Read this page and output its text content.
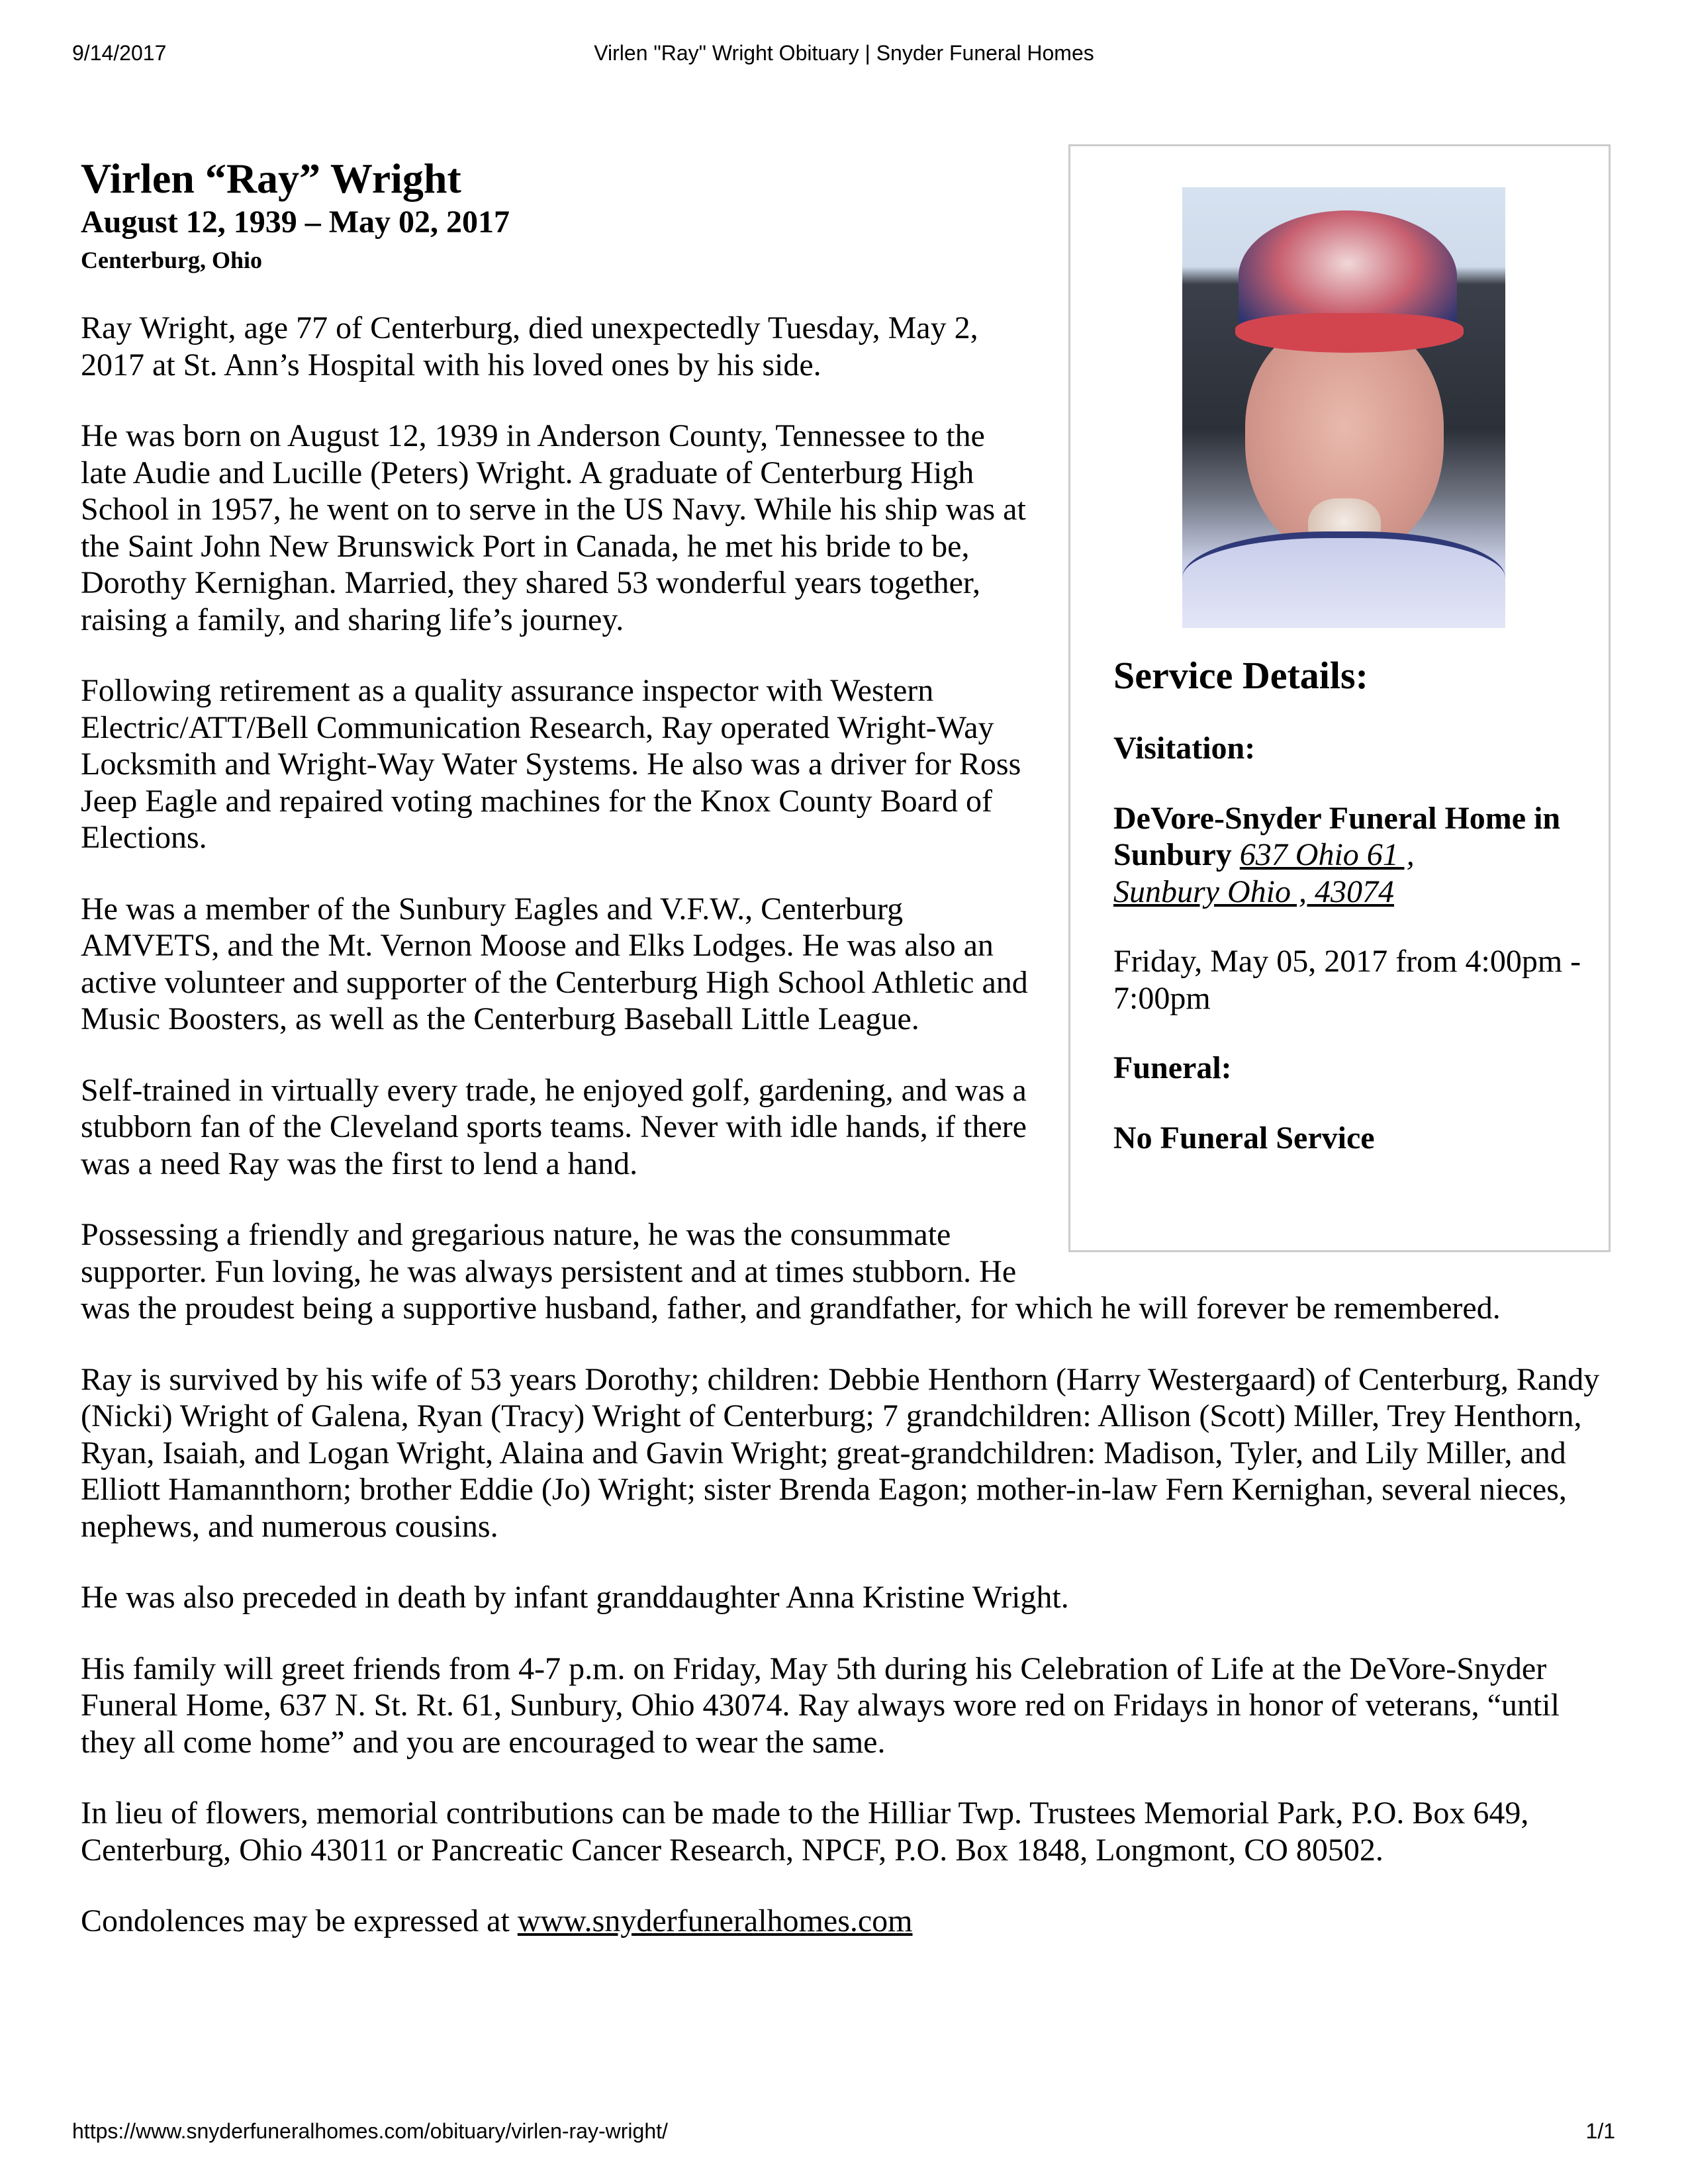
9/14/2017	Virlen "Ray" Wright Obituary | Snyder Funeral Homes
Service Details:
Visitation:
DeVore-Snyder Funeral Home in Sunbury 637 Ohio 61 ,
Sunbury Ohio , 43074
Friday, May 05, 2017 from 4:00pm - 7:00pm
Funeral:
No Funeral Service
Virlen “Ray” Wright
August 12, 1939 – May 02, 2017
Centerburg, Ohio

Ray Wright, age 77 of Centerburg, died unexpectedly Tuesday, May 2, 2017 at St. Ann’s Hospital with his loved ones by his side.

He was born on August 12, 1939 in Anderson County, Tennessee to the late Audie and Lucille (Peters) Wright. A graduate of Centerburg High School in 1957, he went on to serve in the US Navy. While his ship was at the Saint John New Brunswick Port in Canada, he met his bride to be, Dorothy Kernighan. Married, they shared 53 wonderful years together, raising a family, and sharing life’s journey.

Following retirement as a quality assurance inspector with Western Electric/ATT/Bell Communication Research, Ray operated Wright-Way Locksmith and Wright-Way Water Systems. He also was a driver for Ross Jeep Eagle and repaired voting machines for the Knox County Board of Elections.

He was a member of the Sunbury Eagles and V.F.W., Centerburg AMVETS, and the Mt. Vernon Moose and Elks Lodges. He was also an active volunteer and supporter of the Centerburg High School Athletic and Music Boosters, as well as the Centerburg Baseball Little League.

Self-trained in virtually every trade, he enjoyed golf, gardening, and was a stubborn fan of the Cleveland sports teams. Never with idle hands, if there was a need Ray was the first to lend a hand.

Possessing a friendly and gregarious nature, he was the consummate supporter. Fun loving, he was always persistent and at times stubborn. He was the proudest being a supportive husband, father, and grandfather, for which he will forever be remembered.

Ray is survived by his wife of 53 years Dorothy; children: Debbie Henthorn (Harry Westergaard) of Centerburg, Randy (Nicki) Wright of Galena, Ryan (Tracy) Wright of Centerburg; 7 grandchildren: Allison (Scott) Miller, Trey Henthorn, Ryan, Isaiah, and Logan Wright, Alaina and Gavin Wright; great-grandchildren: Madison, Tyler, and Lily Miller, and Elliott Hamannthorn; brother Eddie (Jo) Wright; sister Brenda Eagon; mother-in-law Fern Kernighan, several nieces, nephews, and numerous cousins.

He was also preceded in death by infant granddaughter Anna Kristine Wright.

His family will greet friends from 4-7 p.m. on Friday, May 5th during his Celebration of Life at the DeVore-Snyder Funeral Home, 637 N. St. Rt. 61, Sunbury, Ohio 43074. Ray always wore red on Fridays in honor of veterans, “until they all come home” and you are encouraged to wear the same.

In lieu of flowers, memorial contributions can be made to the Hilliar Twp. Trustees Memorial Park, P.O. Box 649, Centerburg, Ohio 43011 or Pancreatic Cancer Research, NPCF, P.O. Box 1848, Longmont, CO 80502.

Condolences may be expressed at www.snyderfuneralhomes.com

https://www.snyderfuneralhomes.com/obituary/virlen-ray-wright/	1/1
